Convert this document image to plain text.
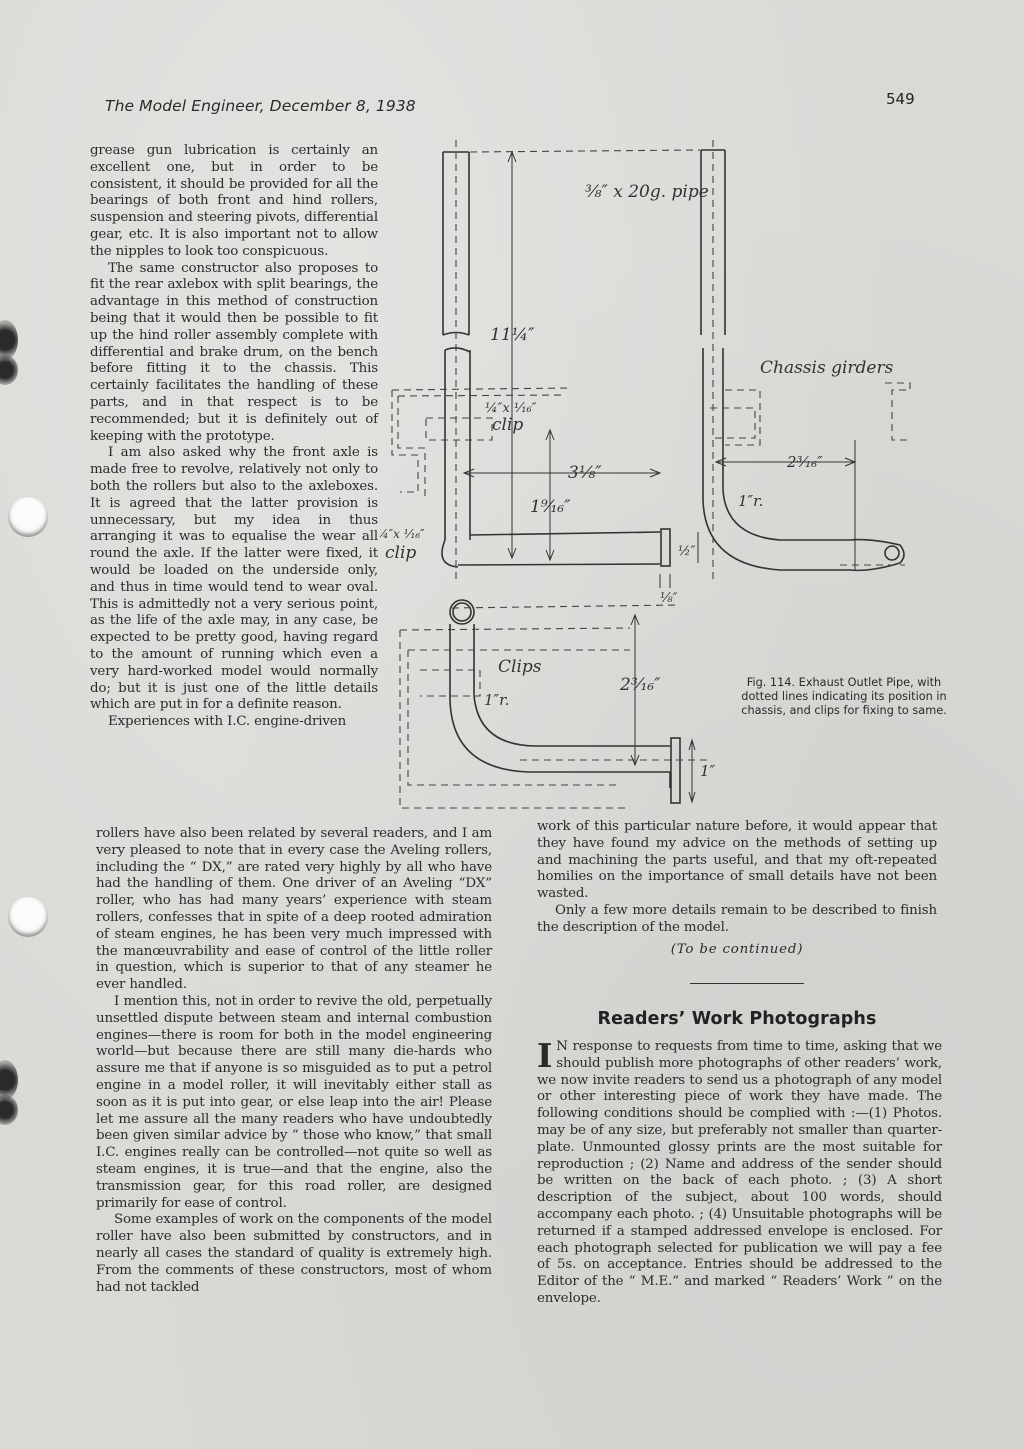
The Model Engineer, December 8, 1938	549

grease gun lubrication is certainly an excellent one, but in order to be consistent, it should be provided for all the bearings of both front and hind rollers, suspension and steering pivots, differential gear, etc. It is also important not to allow the nipples to look too conspicuous.

The same constructor also proposes to fit the rear axlebox with split bearings, the advantage in this method of construction being that it would then be possible to fit up the hind roller assembly complete with differential and brake drum, on the bench before fitting it to the chassis. This certainly facilitates the handling of these parts, and in that respect is to be recommended; but it is definitely out of keeping with the prototype.

I am also asked why the front axle is made free to revolve, relatively not only to both the rollers but also to the axleboxes. It is agreed that the latter provision is unnecessary, but my idea in thus arranging it was to equalise the wear all round the axle. If the latter were fixed, it would be loaded on the underside only, and thus in time would tend to wear oval. This is admittedly not a very serious point, as the life of the axle may, in any case, be expected to be pretty good, having regard to the amount of running which even a very hard-worked model would normally do; but it is just one of the little details which are put in for a definite reason.

Experiences with I.C. engine-driven

⅜″ x 20g. pipe
11¼″
¼″x ¹⁄₁₆″
clip
3⅛″
1⁹⁄₁₆″
¼″x ¹⁄₁₆″
clip	½″
⅛″
Chassis girders
2³⁄₁₆″
1″r.
Clips
2³⁄₁₆″
1″r.
1″
Fig. 114. Exhaust Outlet Pipe, with dotted lines indicating its position in chassis, and clips for fixing to same.

rollers have also been related by several readers, and I am very pleased to note that in every case the Aveling rollers, including the “ DX,” are rated very highly by all who have had the handling of them. One driver of an Aveling “DX” roller, who has had many years’ experience with steam rollers, confesses that in spite of a deep rooted admiration of steam engines, he has been very much impressed with the manœuvrability and ease of control of the little roller in question, which is superior to that of any steamer he ever handled.

I mention this, not in order to revive the old, perpetually unsettled dispute between steam and internal combustion engines—there is room for both in the model engineering world—but because there are still many die-hards who assure me that if anyone is so misguided as to put a petrol engine in a model roller, it will inevitably either stall as soon as it is put into gear, or else leap into the air! Please let me assure all the many readers who have undoubtedly been given similar advice by “ those who know,” that small I.C. engines really can be controlled—not quite so well as steam engines, it is true—and that the engine, also the transmission gear, for this road roller, are designed primarily for ease of control.

Some examples of work on the components of the model roller have also been submitted by constructors, and in nearly all cases the standard of quality is extremely high. From the comments of these constructors, most of whom had not tackled

work of this particular nature before, it would appear that they have found my advice on the methods of setting up and machining the parts useful, and that my oft-repeated homilies on the importance of small details have not been wasted.

Only a few more details remain to be described to finish the description of the model.

(To be continued)
Readers’ Work Photographs
I N response to requests from time to time, asking that we should publish more photographs of other readers’ work, we now invite readers to send us a photograph of any model or other interesting piece of work they have made. The following conditions should be complied with :—(1) Photos. may be of any size, but preferably not smaller than quarter-plate. Unmounted glossy prints are the most suitable for reproduction ; (2) Name and address of the sender should be written on the back of each photo. ; (3) A short description of the subject, about 100 words, should accompany each photo. ; (4) Unsuitable photographs will be returned if a stamped addressed envelope is enclosed. For each photograph selected for publication we will pay a fee of 5s. on acceptance. Entries should be addressed to the Editor of the “ M.E.” and marked “ Readers’ Work ” on the envelope.
